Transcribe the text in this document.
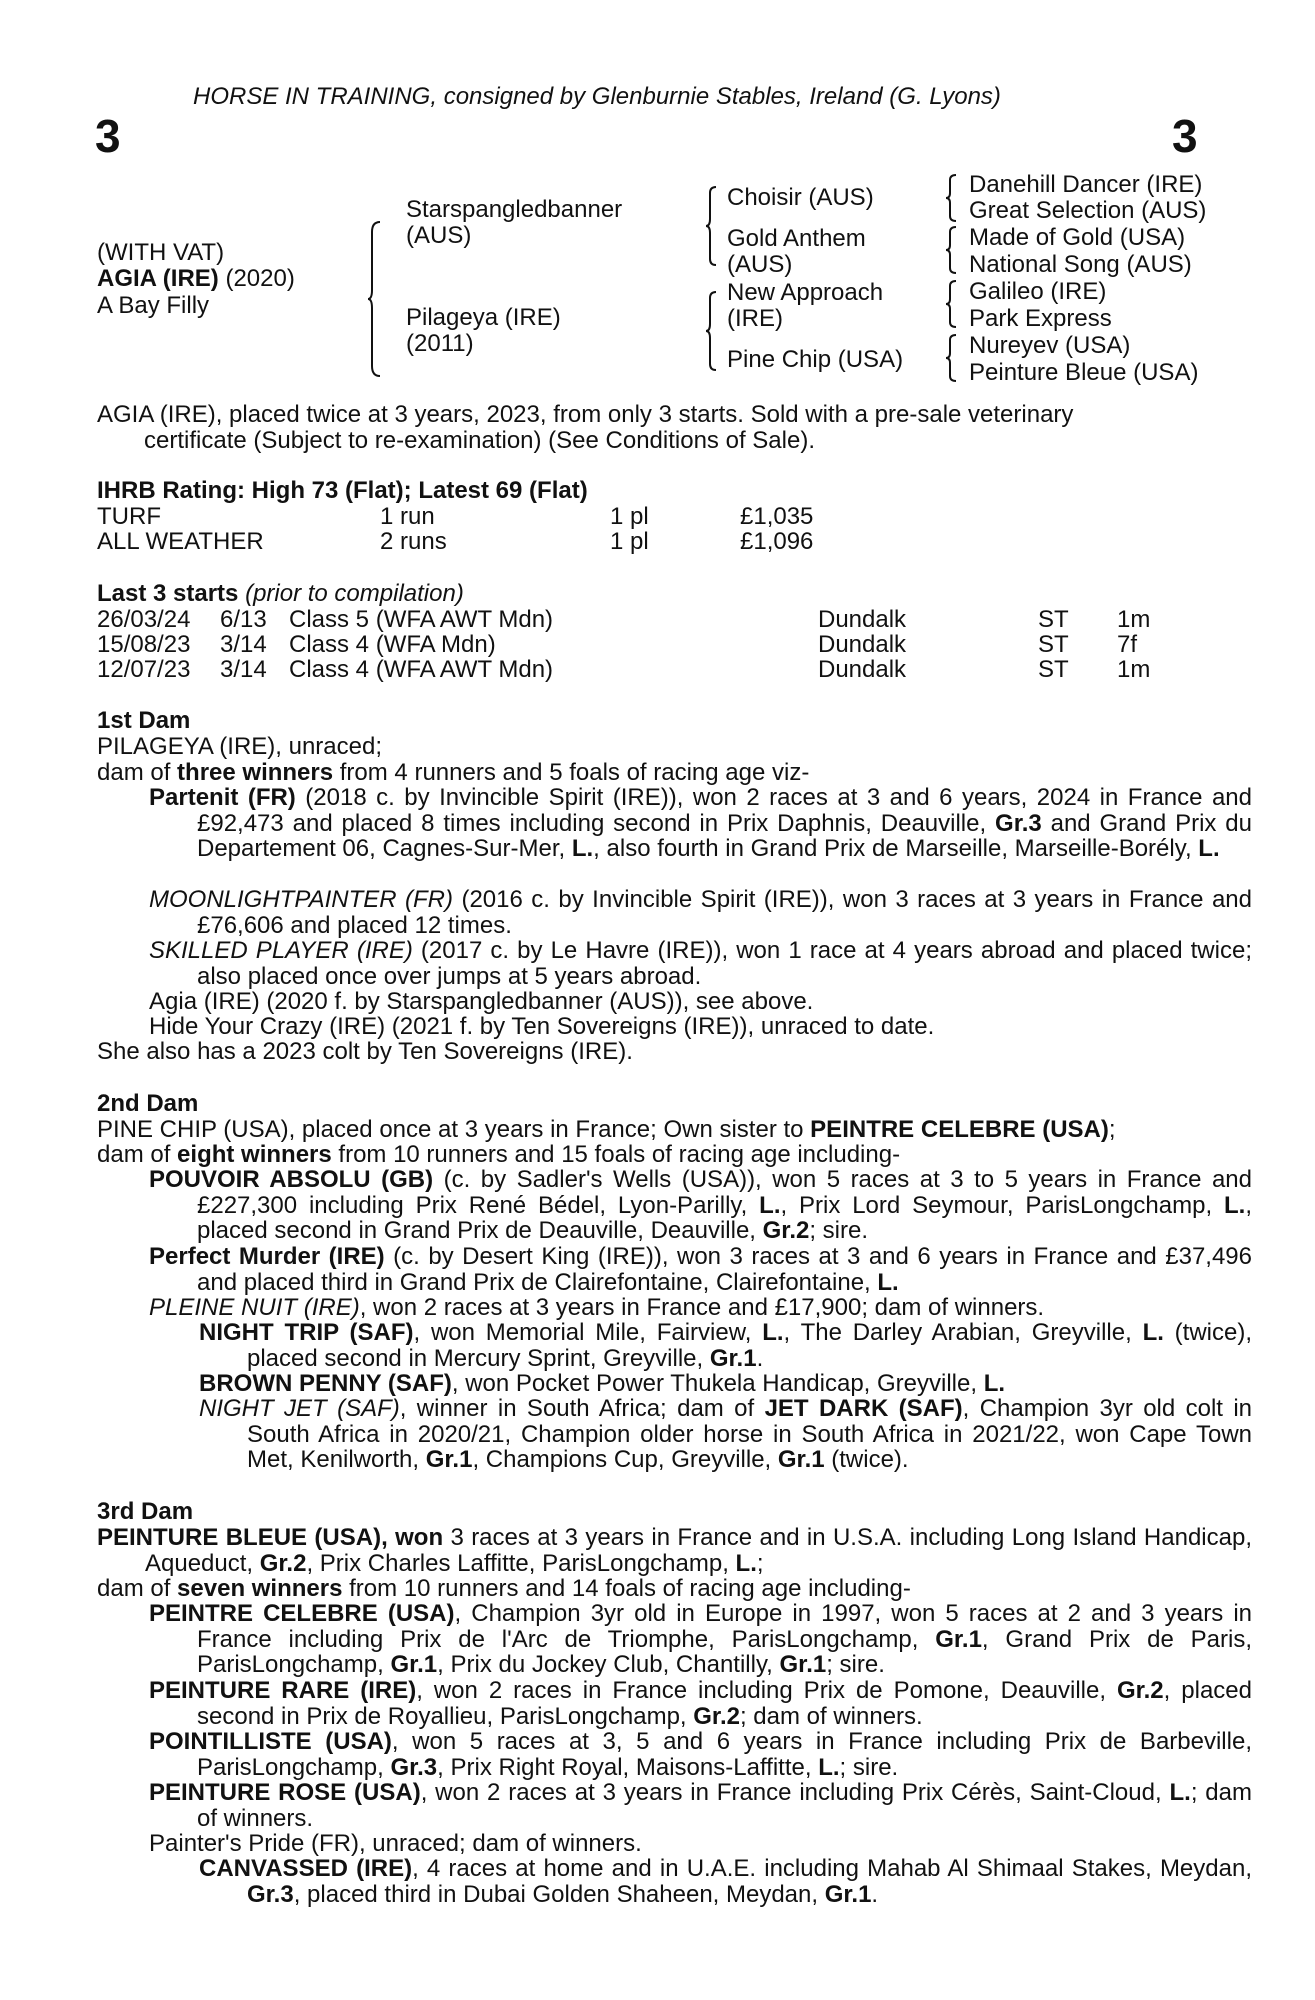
HORSE IN TRAINING, consigned by Glenburnie Stables, Ireland (G. Lyons)
3	3
(WITH VAT)
AGIA (IRE) (2020)
A Bay Filly
Starspangledbanner
(AUS)
Pilageya (IRE)
(2011)
Choisir (AUS)
Gold Anthem
(AUS)
New Approach
(IRE)
Pine Chip (USA)
Danehill Dancer (IRE)
Great Selection (AUS)
Made of Gold (USA)
National Song (AUS)
Galileo (IRE)
Park Express
Nureyev (USA)
Peinture Bleue (USA)
AGIA (IRE), placed twice at 3 years, 2023, from only 3 starts. Sold with a pre-sale veterinary
certificate (Subject to re-examination) (See Conditions of Sale).
IHRB Rating: High 73 (Flat); Latest 69 (Flat)
TURF	1 run	1 pl	£1,035
ALL WEATHER	2 runs	1 pl	£1,096
Last 3 starts (prior to compilation)
26/03/24 6/13 Class 5 (WFA AWT Mdn)	Dundalk	ST 1m
15/08/23 3/14 Class 4 (WFA Mdn)	Dundalk	ST 7f
12/07/23 3/14 Class 4 (WFA AWT Mdn)	Dundalk	ST 1m
1st Dam
PILAGEYA (IRE), unraced;
dam of three winners from 4 runners and 5 foals of racing age viz-
Partenit (FR) (2018 c. by Invincible Spirit (IRE)), won 2 races at 3 and 6 years, 2024 in France and £92,473 and placed 8 times including second in Prix Daphnis, Deauville, Gr.3 and Grand Prix du Departement 06, Cagnes-Sur-Mer, L., also fourth in Grand Prix de Marseille, Marseille-Borély, L.
MOONLIGHTPAINTER (FR) (2016 c. by Invincible Spirit (IRE)), won 3 races at 3 years in France and £76,606 and placed 12 times.
SKILLED PLAYER (IRE) (2017 c. by Le Havre (IRE)), won 1 race at 4 years abroad and placed twice; also placed once over jumps at 5 years abroad.
Agia (IRE) (2020 f. by Starspangledbanner (AUS)), see above.
Hide Your Crazy (IRE) (2021 f. by Ten Sovereigns (IRE)), unraced to date.
She also has a 2023 colt by Ten Sovereigns (IRE).
2nd Dam
PINE CHIP (USA), placed once at 3 years in France; Own sister to PEINTRE CELEBRE (USA);
dam of eight winners from 10 runners and 15 foals of racing age including-
POUVOIR ABSOLU (GB) (c. by Sadler's Wells (USA)), won 5 races at 3 to 5 years in France and £227,300 including Prix René Bédel, Lyon-Parilly, L., Prix Lord Seymour, ParisLongchamp, L., placed second in Grand Prix de Deauville, Deauville, Gr.2; sire.
Perfect Murder (IRE) (c. by Desert King (IRE)), won 3 races at 3 and 6 years in France and £37,496 and placed third in Grand Prix de Clairefontaine, Clairefontaine, L.
PLEINE NUIT (IRE), won 2 races at 3 years in France and £17,900; dam of winners.
NIGHT TRIP (SAF), won Memorial Mile, Fairview, L., The Darley Arabian, Greyville, L. (twice), placed second in Mercury Sprint, Greyville, Gr.1.
BROWN PENNY (SAF), won Pocket Power Thukela Handicap, Greyville, L.
NIGHT JET (SAF), winner in South Africa; dam of JET DARK (SAF), Champion 3yr old colt in South Africa in 2020/21, Champion older horse in South Africa in 2021/22, won Cape Town Met, Kenilworth, Gr.1, Champions Cup, Greyville, Gr.1 (twice).
3rd Dam
PEINTURE BLEUE (USA), won 3 races at 3 years in France and in U.S.A. including Long Island Handicap, Aqueduct, Gr.2, Prix Charles Laffitte, ParisLongchamp, L.;
dam of seven winners from 10 runners and 14 foals of racing age including-
PEINTRE CELEBRE (USA), Champion 3yr old in Europe in 1997, won 5 races at 2 and 3 years in France including Prix de l'Arc de Triomphe, ParisLongchamp, Gr.1, Grand Prix de Paris, ParisLongchamp, Gr.1, Prix du Jockey Club, Chantilly, Gr.1; sire.
PEINTURE RARE (IRE), won 2 races in France including Prix de Pomone, Deauville, Gr.2, placed second in Prix de Royallieu, ParisLongchamp, Gr.2; dam of winners.
POINTILLISTE (USA), won 5 races at 3, 5 and 6 years in France including Prix de Barbeville, ParisLongchamp, Gr.3, Prix Right Royal, Maisons-Laffitte, L.; sire.
PEINTURE ROSE (USA), won 2 races at 3 years in France including Prix Cérès, Saint-Cloud, L.; dam of winners.
Painter's Pride (FR), unraced; dam of winners.
CANVASSED (IRE), 4 races at home and in U.A.E. including Mahab Al Shimaal Stakes, Meydan, Gr.3, placed third in Dubai Golden Shaheen, Meydan, Gr.1.
